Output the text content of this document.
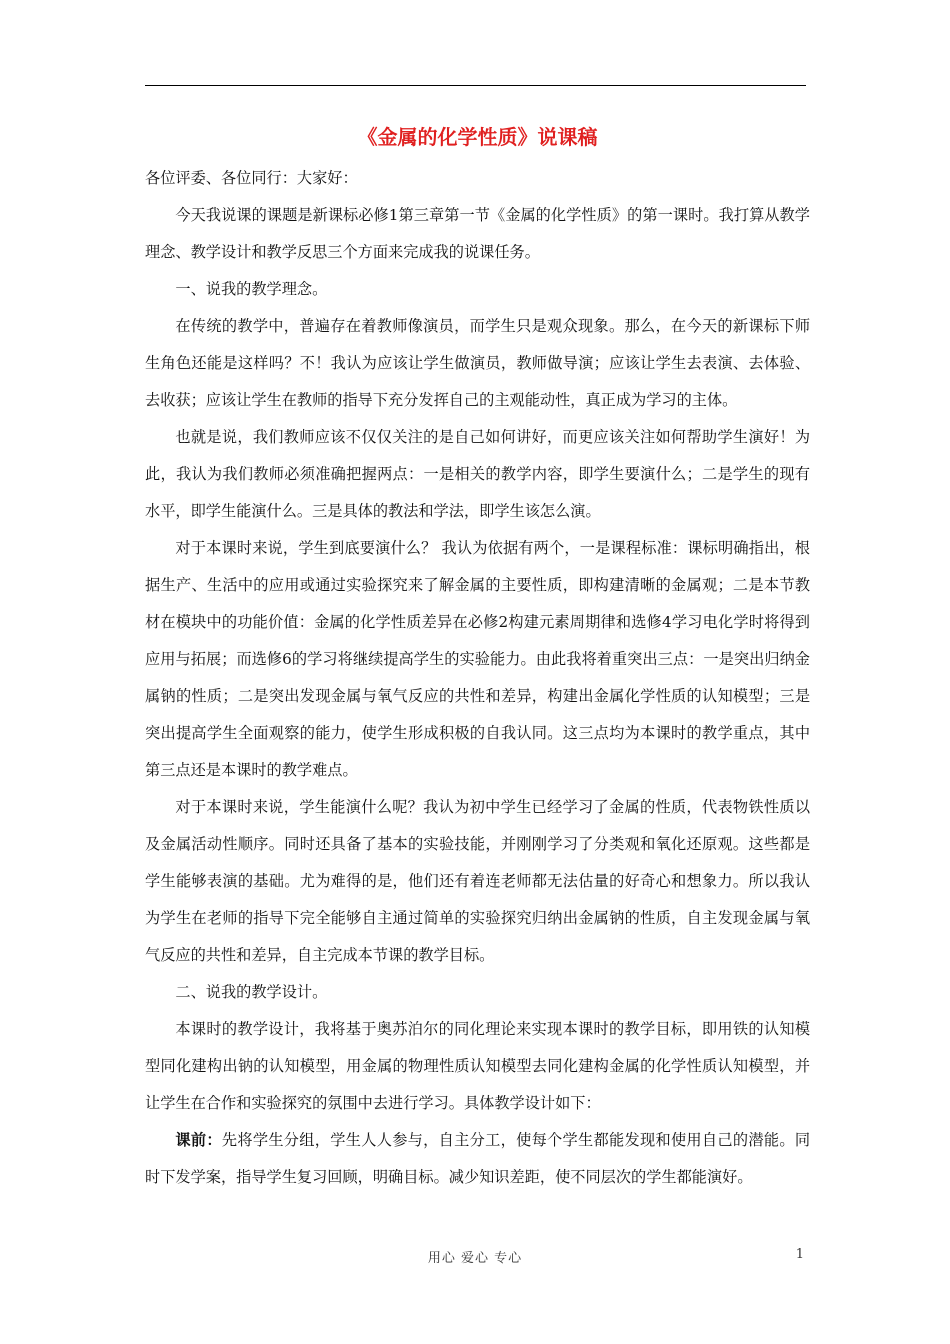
《金属的化学性质》说课稿

各位评委、各位同行：大家好：

今天我说课的课题是新课标必修1第三章第一节《金属的化学性质》的第一课时。我打算从教学理念、教学设计和教学反思三个方面来完成我的说课任务。

一、说我的教学理念。

在传统的教学中，普遍存在着教师像演员，而学生只是观众现象。那么，在今天的新课标下师生角色还能是这样吗？不！我认为应该让学生做演员，教师做导演；应该让学生去表演、去体验、去收获；应该让学生在教师的指导下充分发挥自己的主观能动性，真正成为学习的主体。

也就是说，我们教师应该不仅仅关注的是自己如何讲好，而更应该关注如何帮助学生演好！为此，我认为我们教师必须准确把握两点：一是相关的教学内容，即学生要演什么；二是学生的现有水平，即学生能演什么。三是具体的教法和学法，即学生该怎么演。

对于本课时来说，学生到底要演什么？ 我认为依据有两个，一是课程标准：课标明确指出，根据生产、生活中的应用或通过实验探究来了解金属的主要性质，即构建清晰的金属观；二是本节教材在模块中的功能价值：金属的化学性质差异在必修2构建元素周期律和选修4学习电化学时将得到应用与拓展；而选修6的学习将继续提高学生的实验能力。由此我将着重突出三点：一是突出归纳金属钠的性质；二是突出发现金属与氧气反应的共性和差异，构建出金属化学性质的认知模型；三是突出提高学生全面观察的能力，使学生形成积极的自我认同。这三点均为本课时的教学重点，其中第三点还是本课时的教学难点。

对于本课时来说，学生能演什么呢？我认为初中学生已经学习了金属的性质，代表物铁性质以及金属活动性顺序。同时还具备了基本的实验技能，并刚刚学习了分类观和氧化还原观。这些都是学生能够表演的基础。尤为难得的是，他们还有着连老师都无法估量的好奇心和想象力。所以我认为学生在老师的指导下完全能够自主通过简单的实验探究归纳出金属钠的性质，自主发现金属与氧气反应的共性和差异，自主完成本节课的教学目标。

二、说我的教学设计。

本课时的教学设计，我将基于奥苏泊尔的同化理论来实现本课时的教学目标，即用铁的认知模型同化建构出钠的认知模型，用金属的物理性质认知模型去同化建构金属的化学性质认知模型，并让学生在合作和实验探究的氛围中去进行学习。具体教学设计如下：

课前：先将学生分组，学生人人参与，自主分工，使每个学生都能发现和使用自己的潜能。同时下发学案，指导学生复习回顾，明确目标。减少知识差距，使不同层次的学生都能演好。

用心 爱心 专心	1
